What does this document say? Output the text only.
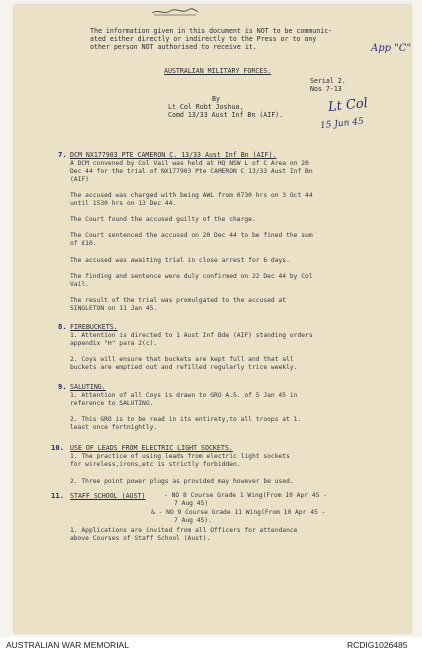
The information given in this document is NOT to be communic-
ated either directly or indirectly to the Press or to any
other person NOT authorised to receive it.	App "C"
AUSTRALIAN MILITARY FORCES.
Serial 2.
Nos 7-13
By
Lt Col Robt Joshua,
Comd 13/33 Aust Inf Bn (AIF).	Lt Col
15 Jun 45
7. DCM NX177903 PTE CAMERON C. 13/33 Aust Inf Bn (AIF).
A DCM convened by Col Vail was held at HQ NSW L of C Area on 20
Dec 44 for the trial of NX177903 Pte CAMERON C 13/33 Aust Inf Bn
(AIF)
The accused was charged with being AWL from 0730 hrs on 3 Oct 44
until 1530 hrs on 13 Dec 44.
The Court found the accused guilty of the charge.
The Court sentenced the accused on 20 Dec 44 to be fined the sum
of £10.
The accused was awaiting trial in close arrest for 6 days.
The finding and sentence were duly confirmed on 22 Dec 44 by Col
Vail.
The result of the trial was promulgated to the accused at
SINGLETON on 11 Jan 45.
8. FIREBUCKETS.
1. Attention is directed to 1 Aust Inf Bde (AIF) standing orders
appendix "H" para 2(c).
2. Coys will ensure that buckets are kept full and that all
buckets are emptied out and refilled regularly trice weekly.
9. SALUTING.
1. Attention of all Coys is drawn to GRO A.5. of 5 Jan 45 in
reference to SALUTING.
2. This GRO is to be read in its entirety,to all troops at 1.
least once fortnightly.
10. USE OF LEADS FROM ELECTRIC LIGHT SOCKETS.
1. The practice of using leads from electric light sockets
for wireless,irons,etc is strictly forbidden.
2. Three point power plugs as provided may however be used.
11. STAFF SCHOOL (AUST)	- NO 8 Course Grade 1 Wing(From 10 Apr 45 -
7 Aug 45)
& - NO 9 Course Grade 11 Wing(From 10 Apr 45 -
7 Aug 45).
1. Applications are invited from all Officers for attendance
above Courses of Staff School (Aust).
AUSTRALIAN WAR MEMORIAL	RCDIG1026485
